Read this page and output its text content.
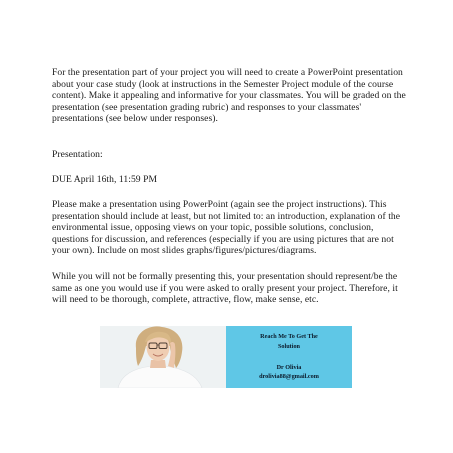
For the presentation part of your project you will need to create a PowerPoint presentation about your case study (look at instructions in the Semester Project module of the course content). Make it appealing and informative for your classmates. You will be graded on the presentation (see presentation grading rubric) and responses to your classmates' presentations (see below under responses).

Presentation:

DUE April 16th, 11:59 PM

Please make a presentation using PowerPoint (again see the project instructions). This presentation should include at least, but not limited to: an introduction, explanation of the environmental issue, opposing views on your topic, possible solutions, conclusion, questions for discussion, and references (especially if you are using pictures that are not your own). Include on most slides graphs/figures/pictures/diagrams.

While you will not be formally presenting this, your presentation should represent/be the same as one you would use if you were asked to orally present your project. Therefore, it will need to be thorough, complete, attractive, flow, make sense, etc.

Reach Me To Get The
Solution
Dr Olivia
drolivia88@gmail.com
